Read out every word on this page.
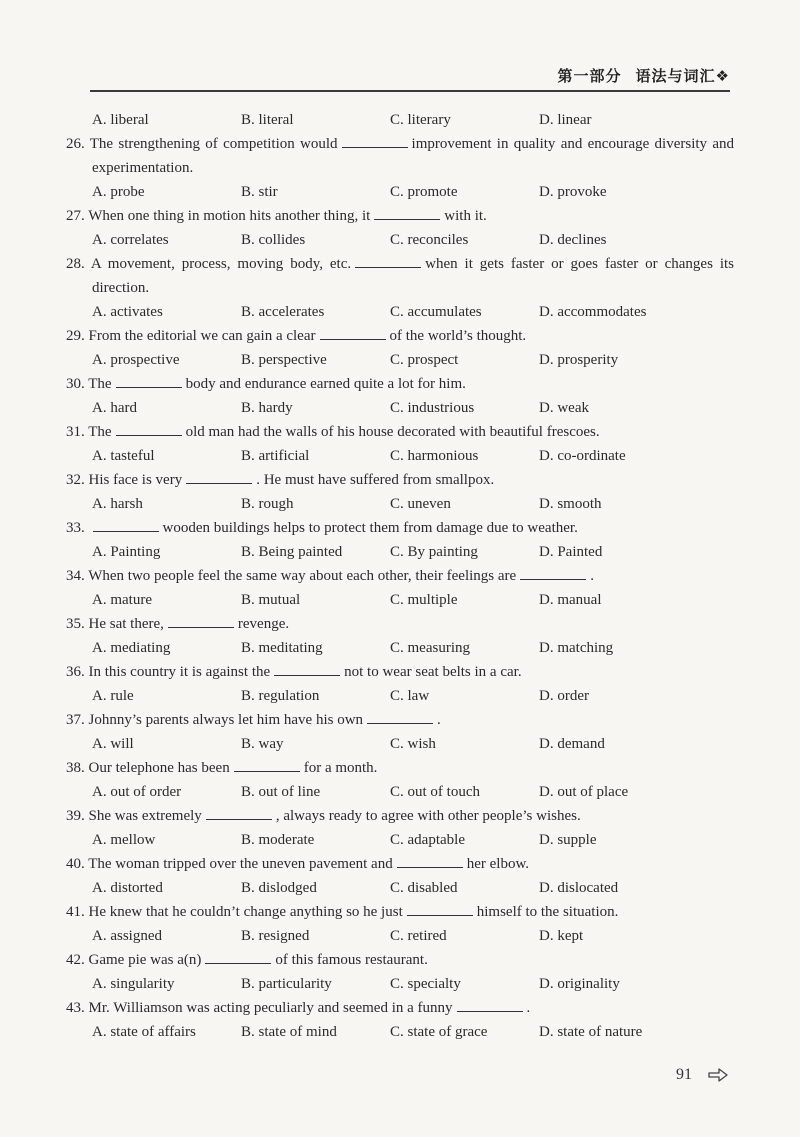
第一部分 语法与词汇❖
A. liberal	B. literal	C. literary	D. linear
26. The strengthening of competition would	improvement in quality and encourage diversity and experimentation.
A. probe	B. stir	C. promote	D. provoke
27. When one thing in motion hits another thing, it	with it.
A. correlates	B. collides	C. reconciles	D. declines
28. A movement, process, moving body, etc.	when it gets faster or goes faster or changes its direction.
A. activates	B. accelerates	C. accumulates	D. accommodates
29. From the editorial we can gain a clear	of the world’s thought.
A. prospective	B. perspective	C. prospect	D. prosperity
30. The	body and endurance earned quite a lot for him.
A. hard	B. hardy	C. industrious	D. weak
31. The	old man had the walls of his house decorated with beautiful frescoes.
A. tasteful	B. artificial	C. harmonious	D. co-ordinate
32. His face is very	. He must have suffered from smallpox.
A. harsh	B. rough	C. uneven	D. smooth
33.	wooden buildings helps to protect them from damage due to weather.
A. Painting	B. Being painted	C. By painting	D. Painted
34. When two people feel the same way about each other, their feelings are	.
A. mature	B. mutual	C. multiple	D. manual
35. He sat there,	revenge.
A. mediating	B. meditating	C. measuring	D. matching
36. In this country it is against the	not to wear seat belts in a car.
A. rule	B. regulation	C. law	D. order
37. Johnny’s parents always let him have his own	.
A. will	B. way	C. wish	D. demand
38. Our telephone has been	for a month.
A. out of order	B. out of line	C. out of touch	D. out of place
39. She was extremely	, always ready to agree with other people’s wishes.
A. mellow	B. moderate	C. adaptable	D. supple
40. The woman tripped over the uneven pavement and	her elbow.
A. distorted	B. dislodged	C. disabled	D. dislocated
41. He knew that he couldn’t change anything so he just	himself to the situation.
A. assigned	B. resigned	C. retired	D. kept
42. Game pie was a(n)	of this famous restaurant.
A. singularity	B. particularity	C. specialty	D. originality
43. Mr. Williamson was acting peculiarly and seemed in a funny	.
A. state of affairs	B. state of mind	C. state of grace	D. state of nature
91
